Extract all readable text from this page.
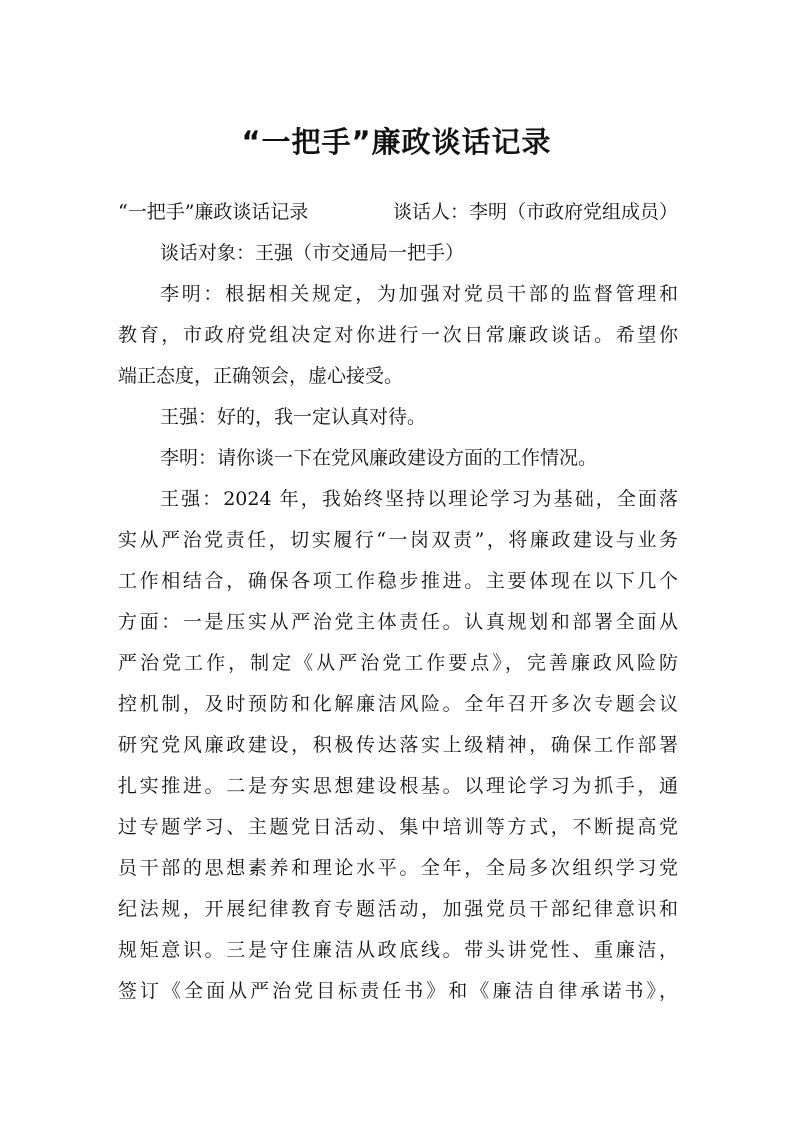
“一把手”廉政谈话记录
“一把手”廉政谈话记录	谈话人：李明（市政府党组成员）
谈话对象：王强（市交通局一把手）
李明：根据相关规定，为加强对党员干部的监督管理和
教育，市政府党组决定对你进行一次日常廉政谈话。希望你
端正态度，正确领会，虚心接受。
王强：好的，我一定认真对待。
李明：请你谈一下在党风廉政建设方面的工作情况。
王强：2024 年，我始终坚持以理论学习为基础，全面落
实从严治党责任，切实履行“一岗双责”，将廉政建设与业务
工作相结合，确保各项工作稳步推进。主要体现在以下几个
方面：一是压实从严治党主体责任。认真规划和部署全面从
严治党工作，制定《从严治党工作要点》，完善廉政风险防
控机制，及时预防和化解廉洁风险。全年召开多次专题会议
研究党风廉政建设，积极传达落实上级精神，确保工作部署
扎实推进。二是夯实思想建设根基。以理论学习为抓手，通
过专题学习、主题党日活动、集中培训等方式，不断提高党
员干部的思想素养和理论水平。全年，全局多次组织学习党
纪法规，开展纪律教育专题活动，加强党员干部纪律意识和
规矩意识。三是守住廉洁从政底线。带头讲党性、重廉洁，
签订《全面从严治党目标责任书》和《廉洁自律承诺书》，
